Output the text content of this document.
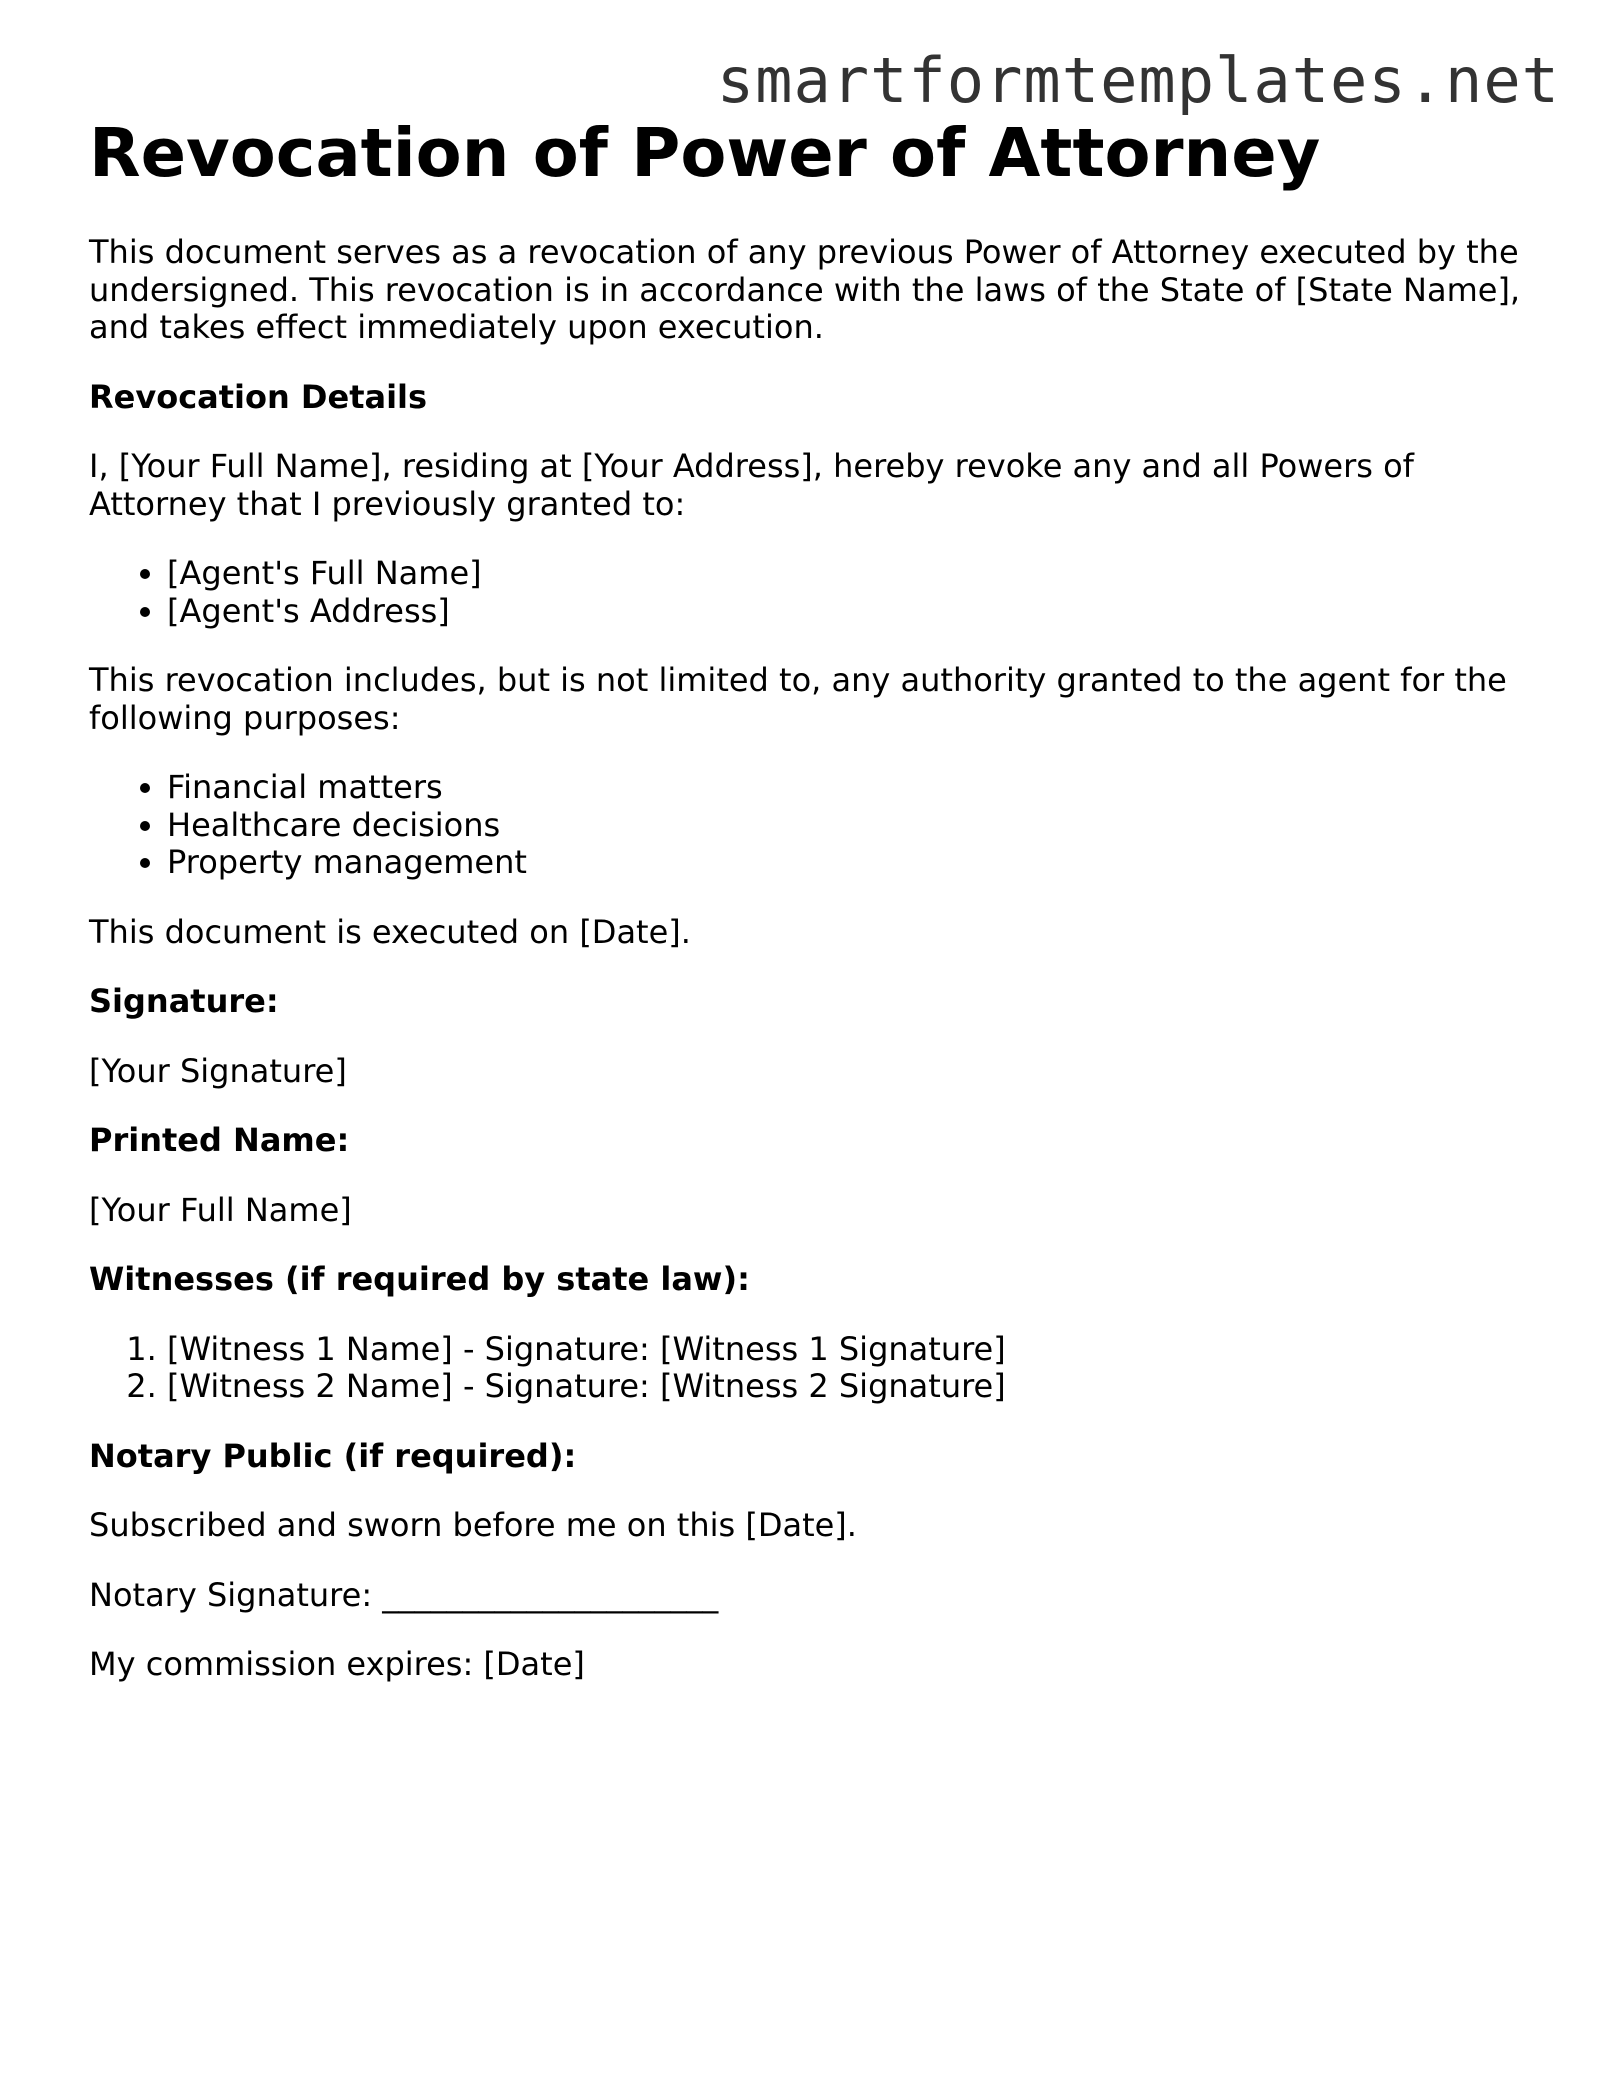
smartformtemplates.net
Revocation of Power of Attorney

This document serves as a revocation of any previous Power of Attorney executed by the undersigned. This revocation is in accordance with the laws of the State of [State Name], and takes effect immediately upon execution.

Revocation Details

I, [Your Full Name], residing at [Your Address], hereby revoke any and all Powers of Attorney that I previously granted to:

• [Agent's Full Name]
• [Agent's Address]

This revocation includes, but is not limited to, any authority granted to the agent for the following purposes:

• Financial matters
• Healthcare decisions
• Property management

This document is executed on [Date].

Signature:

[Your Signature]

Printed Name:

[Your Full Name]

Witnesses (if required by state law):

1. [Witness 1 Name] - Signature: [Witness 1 Signature]
2. [Witness 2 Name] - Signature: [Witness 2 Signature]

Notary Public (if required):

Subscribed and sworn before me on this [Date].

Notary Signature: _____________________

My commission expires: [Date]
